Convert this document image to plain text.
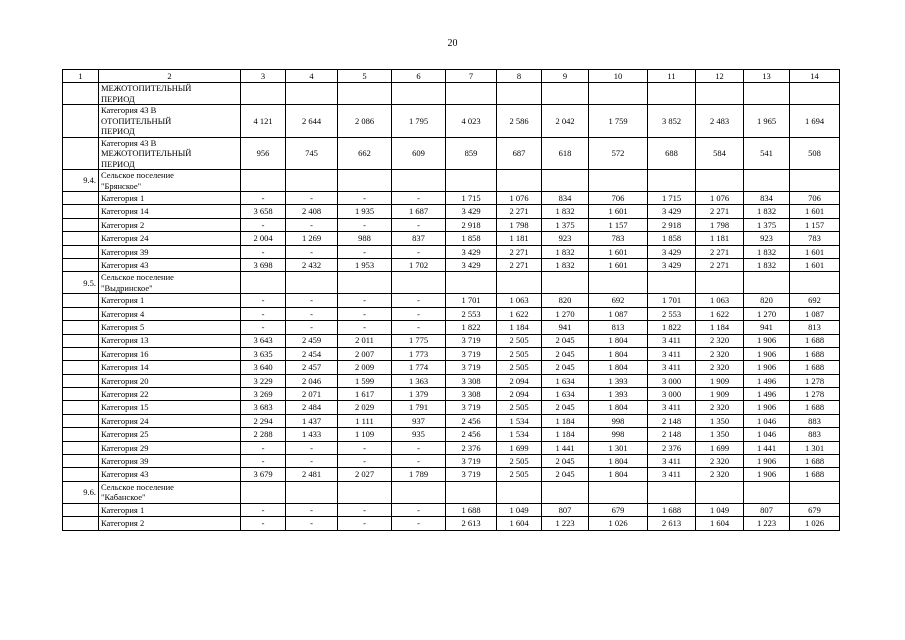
20
1	2	3	4	5	6	7	8	9	10	11	12	13	14

	МЕЖОТОПИТЕЛЬНЫЙ
ПЕРИОД												

	Категория 43 В
ОТОПИТЕЛЬНЫЙ
ПЕРИОД	4 121	2 644	2 086	1 795	4 023	2 586	2 042	1 759	3 852	2 483	1 965	1 694

	Категория 43 В
МЕЖОТОПИТЕЛЬНЫЙ
ПЕРИОД	956	745	662	609	859	687	618	572	688	584	541	508
9.4.	Сельское поселение
"Брянское"												

	Категория 1	-	-	-	-	1 715	1 076	834	706	1 715	1 076	834	706

	Категория 14	3 658	2 408	1 935	1 687	3 429	2 271	1 832	1 601	3 429	2 271	1 832	1 601

	Категория 2	-	-	-	-	2 918	1 798	1 375	1 157	2 918	1 798	1 375	1 157

	Категория 24	2 004	1 269	988	837	1 858	1 181	923	783	1 858	1 181	923	783

	Категория 39	-	-	-	-	3 429	2 271	1 832	1 601	3 429	2 271	1 832	1 601

	Категория 43	3 698	2 432	1 953	1 702	3 429	2 271	1 832	1 601	3 429	2 271	1 832	1 601
9.5.	Сельское поселение
"Выдринское"												

	Категория 1	-	-	-	-	1 701	1 063	820	692	1 701	1 063	820	692

	Категория 4	-	-	-	-	2 553	1 622	1 270	1 087	2 553	1 622	1 270	1 087

	Категория 5	-	-	-	-	1 822	1 184	941	813	1 822	1 184	941	813

	Категория 13	3 643	2 459	2 011	1 775	3 719	2 505	2 045	1 804	3 411	2 320	1 906	1 688

	Категория 16	3 635	2 454	2 007	1 773	3 719	2 505	2 045	1 804	3 411	2 320	1 906	1 688

	Категория 14	3 640	2 457	2 009	1 774	3 719	2 505	2 045	1 804	3 411	2 320	1 906	1 688

	Категория 20	3 229	2 046	1 599	1 363	3 308	2 094	1 634	1 393	3 000	1 909	1 496	1 278

	Категория 22	3 269	2 071	1 617	1 379	3 308	2 094	1 634	1 393	3 000	1 909	1 496	1 278

	Категория 15	3 683	2 484	2 029	1 791	3 719	2 505	2 045	1 804	3 411	2 320	1 906	1 688

	Категория 24	2 294	1 437	1 111	937	2 456	1 534	1 184	998	2 148	1 350	1 046	883

	Категория 25	2 288	1 433	1 109	935	2 456	1 534	1 184	998	2 148	1 350	1 046	883

	Категория 29	-	-	-	-	2 376	1 699	1 441	1 301	2 376	1 699	1 441	1 301

	Категория 39	-	-	-	-	3 719	2 505	2 045	1 804	3 411	2 320	1 906	1 688

	Категория 43	3 679	2 481	2 027	1 789	3 719	2 505	2 045	1 804	3 411	2 320	1 906	1 688
9.6.	Сельское поселение
"Кабанское"												

	Категория 1	-	-	-	-	1 688	1 049	807	679	1 688	1 049	807	679

	Категория 2	-	-	-	-	2 613	1 604	1 223	1 026	2 613	1 604	1 223	1 026
